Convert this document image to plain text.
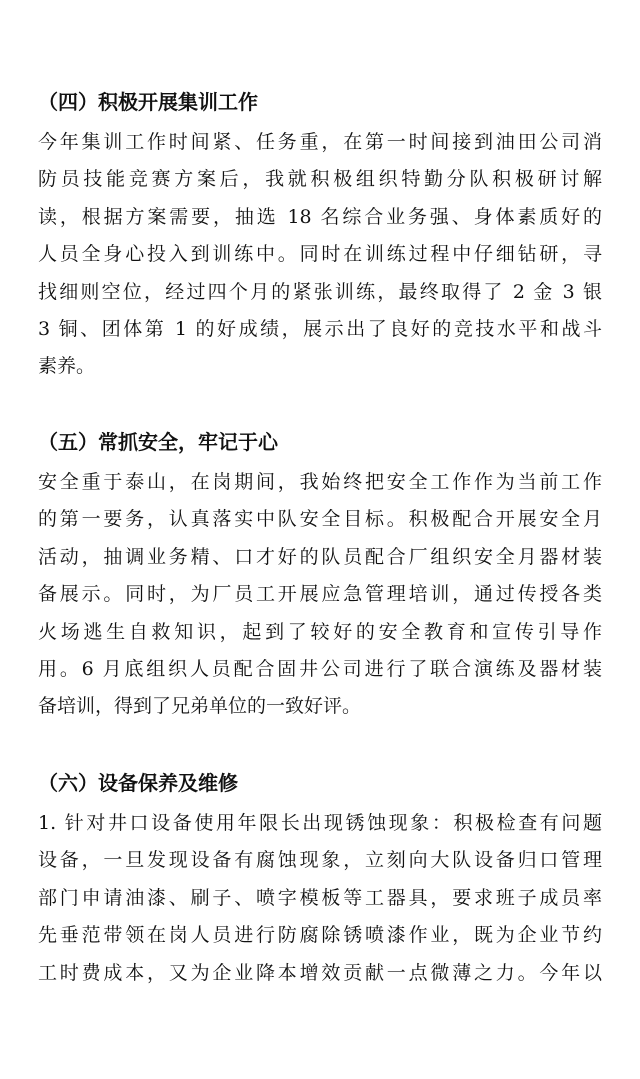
（四）积极开展集训工作
今年集训工作时间紧、任务重，在第一时间接到油田公司消
防员技能竞赛方案后，我就积极组织特勤分队积极研讨解
读，根据方案需要，抽选 18 名综合业务强、身体素质好的
人员全身心投入到训练中。同时在训练过程中仔细钻研，寻
找细则空位，经过四个月的紧张训练，最终取得了 2 金 3 银
3 铜、团体第 1 的好成绩，展示出了良好的竞技水平和战斗
素养。
（五）常抓安全，牢记于心
安全重于泰山，在岗期间，我始终把安全工作作为当前工作
的第一要务，认真落实中队安全目标。积极配合开展安全月
活动，抽调业务精、口才好的队员配合厂组织安全月器材装
备展示。同时，为厂员工开展应急管理培训，通过传授各类
火场逃生自救知识，起到了较好的安全教育和宣传引导作
用。6 月底组织人员配合固井公司进行了联合演练及器材装
备培训，得到了兄弟单位的一致好评。
（六）设备保养及维修
1. 针对井口设备使用年限长出现锈蚀现象：积极检查有问题
设备，一旦发现设备有腐蚀现象，立刻向大队设备归口管理
部门申请油漆、刷子、喷字模板等工器具，要求班子成员率
先垂范带领在岗人员进行防腐除锈喷漆作业，既为企业节约
工时费成本，又为企业降本增效贡献一点微薄之力。今年以
